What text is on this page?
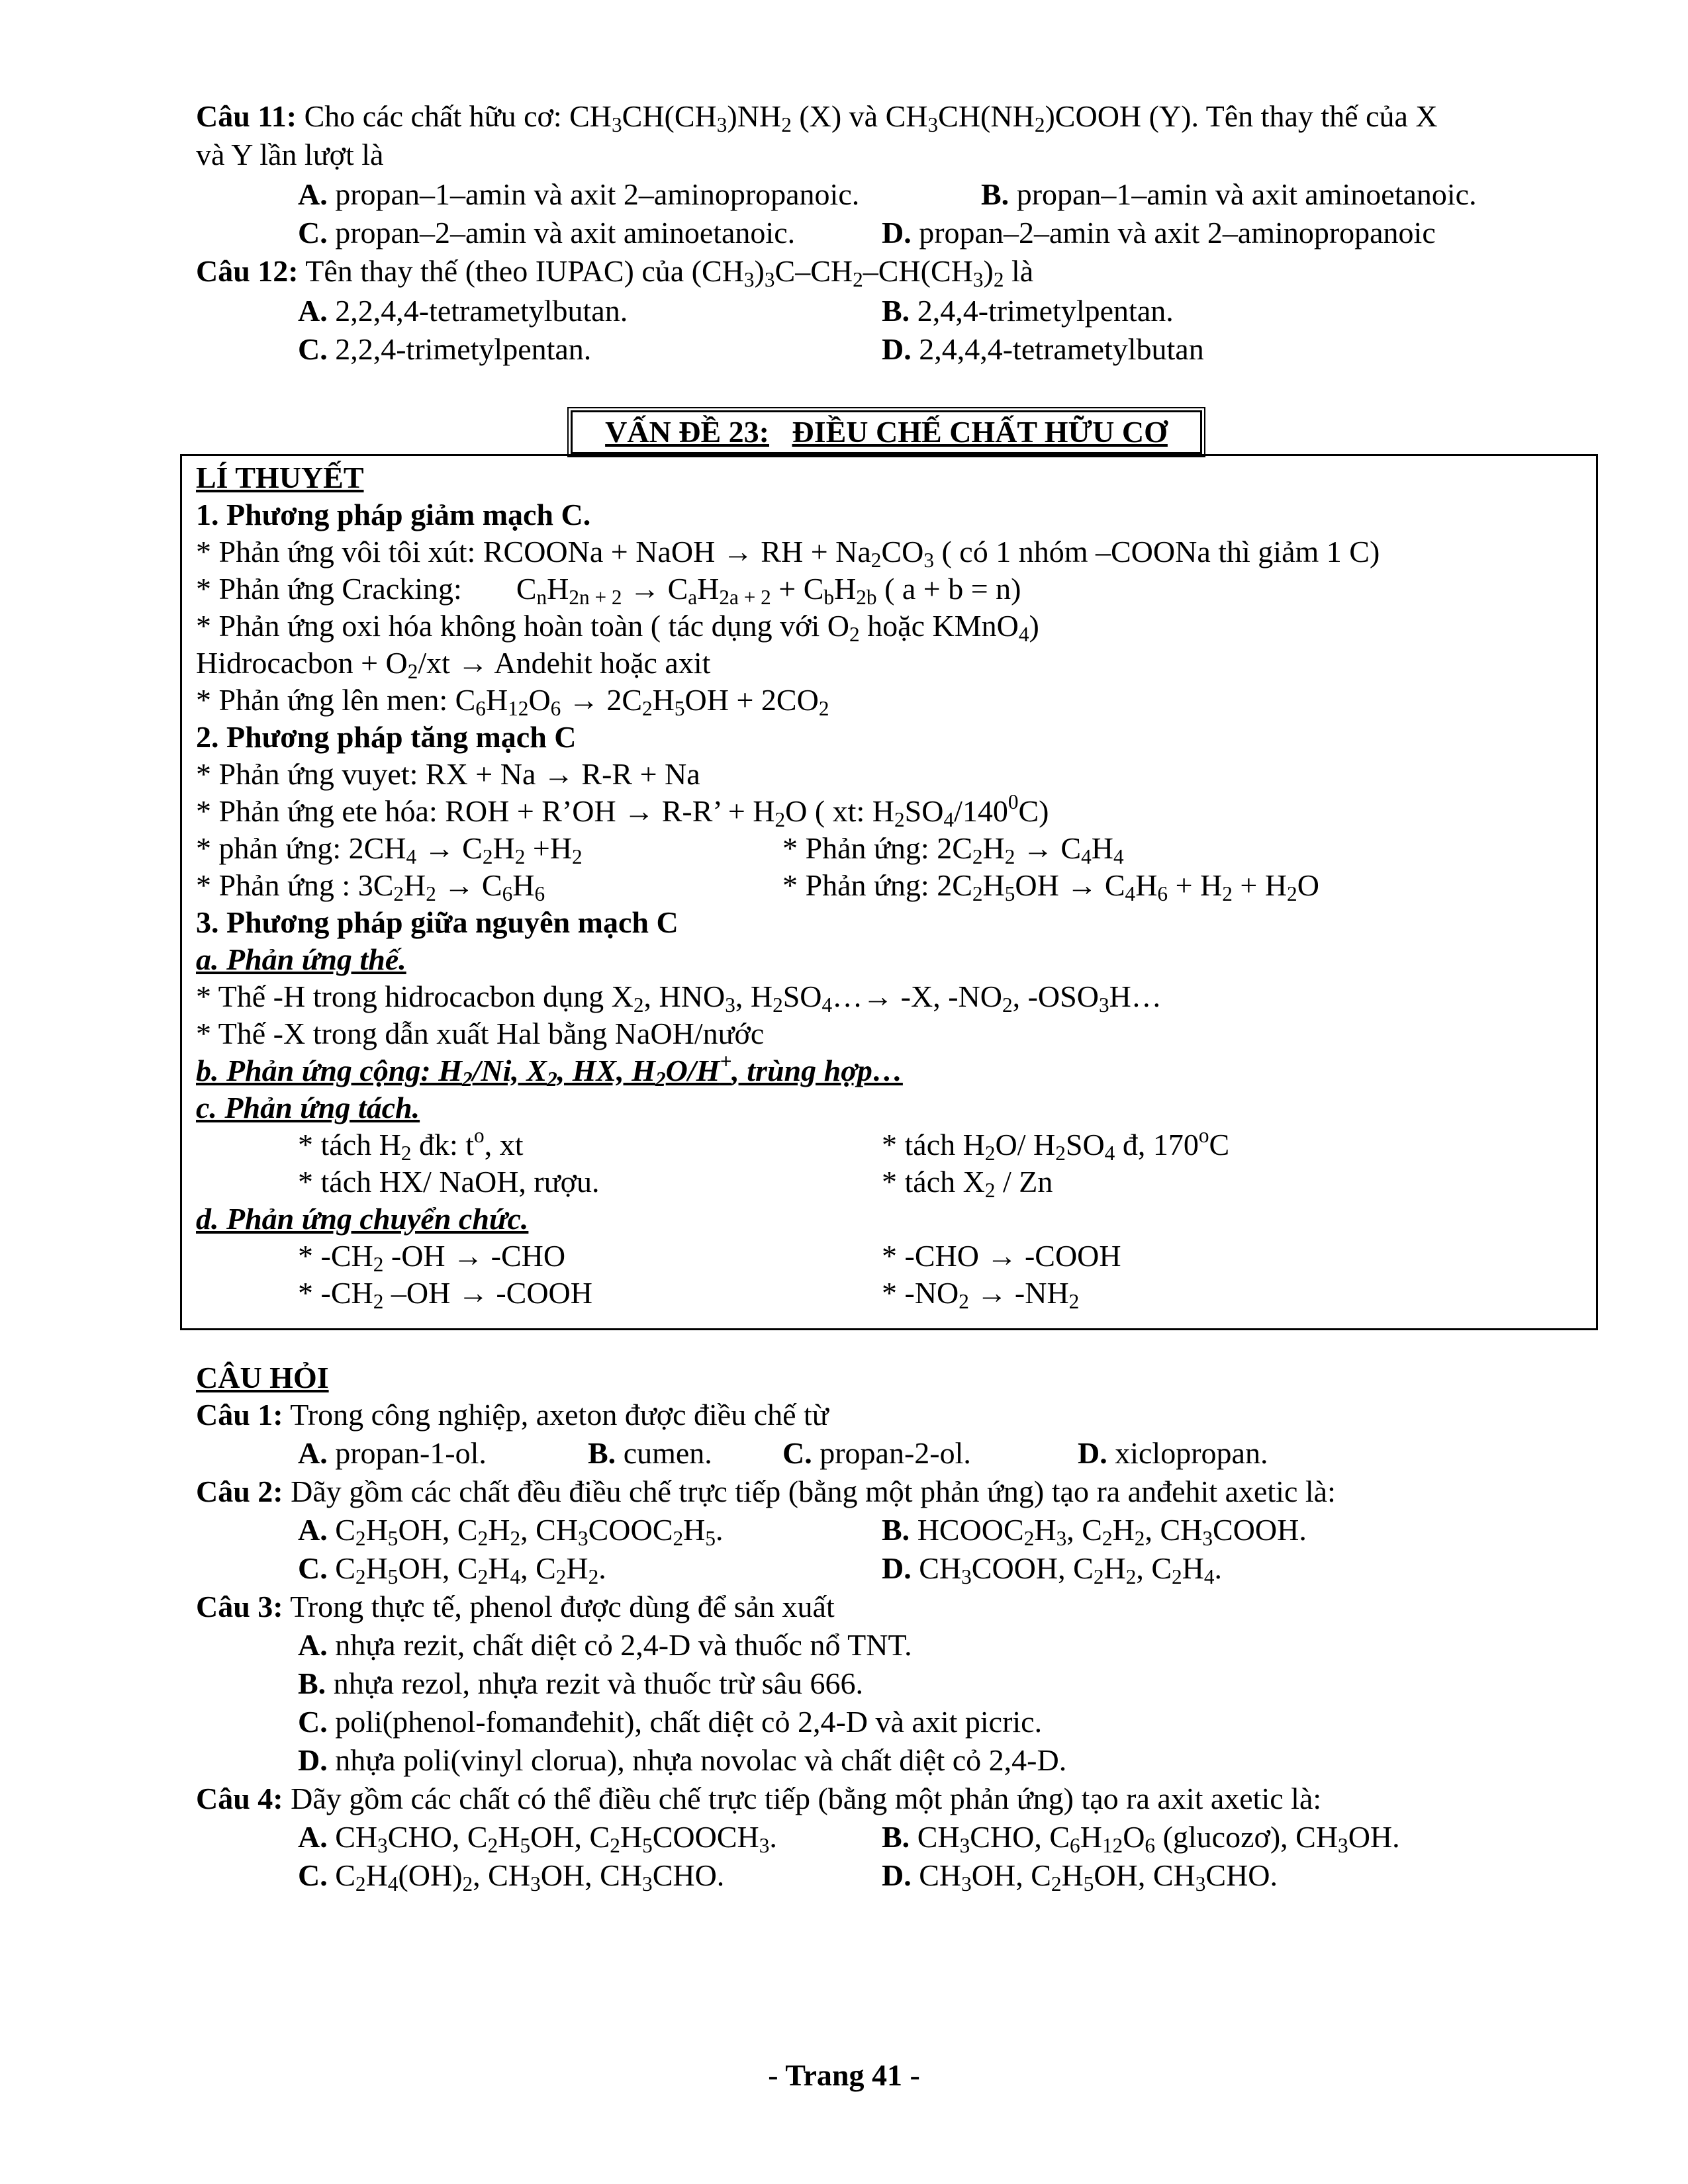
Câu 11: Cho các chất hữu cơ: $CH_3CH(CH_3)NH_2$ (X) và $CH_3CH(NH_2)COOH$ (Y). Tên thay thế của X
và Y lần lượt là
A. propan–1–amin và axit 2–aminopropanoic.	B. propan–1–amin và axit aminoetanoic.
C. propan–2–amin và axit aminoetanoic.	D. propan–2–amin và axit 2–aminopropanoic
Câu 12: Tên thay thế (theo IUPAC) của $(CH_3)_3C-CH_2-CH(CH_3)_2$ là
A. 2,2,4,4-tetrametylbutan.	B. 2,4,4-trimetylpentan.
C. 2,2,4-trimetylpentan.	D. 2,4,4,4-tetrametylbutan
VẤN ĐỀ 23: ĐIỀU CHẾ CHẤT HỮU CƠ
LÍ THUYẾT
1. Phương pháp giảm mạch C.
* Phản ứng vôi tôi xút: RCOONa + NaOH → RH + $Na_2CO_3$ ( có 1 nhóm –COONa thì giảm 1 C)
* Phản ứng Cracking: $C_nH_{2n + 2} \to C_aH_{2a + 2} + C_bH_{2b}$ ( a + b = n)
* Phản ứng oxi hóa không hoàn toàn ( tác dụng với $O_2$ hoặc KMnO$_4$)
Hidrocacbon + $O_2/xt$ → Andehit hoặc axit
* Phản ứng lên men: $C_6H_{12}O_6 \to 2C_2H_5OH + 2CO_2$
2. Phương pháp tăng mạch C
* Phản ứng vuyet: RX + Na → R-R + Na
* Phản ứng ete hóa: ROH + R’OH → R-R’ + $H_2O$ ( xt: $H_2SO_4/140^0C$)
* phản ứng: $2CH_4 \to C_2H_2 +H_2$	* Phản ứng: $2C_2H_2 \to C_4H_4$
* Phản ứng : $3C_2H_2 \to C_6H_6$	* Phản ứng: $2C_2H_5OH \to C_4H_6 + H_2 + H_2O$
3. Phương pháp giữa nguyên mạch C
a. Phản ứng thế.
* Thế -H trong hidrocacbon dụng $X_2$, $HNO_3$, $H_2SO_4\dots\to -X$, $-NO_2$, $-OSO_3H\dots$
* Thế -X trong dẫn xuất Hal bằng NaOH/nước
b. Phản ứng cộng: $H_2/Ni$, $X_2$, HX, $H_2O/H^+$, trùng hợp…
c. Phản ứng tách.
* tách $H_2$ đk: $t^o$, xt	* tách $H_2O/$ $H_2SO_4$ đ, 170$^o$C
* tách HX/ NaOH, rượu.	* tách $X_2$ / Zn
d. Phản ứng chuyển chức.
* $-CH_2$ -OH → -CHO	* -CHO → -COOH
* $-CH_2$ –OH → -COOH	* $-NO_2 \to -NH_2$
CÂU HỎI
Câu 1: Trong công nghiệp, axeton được điều chế từ
A. propan-1-ol.	B. cumen. C. propan-2-ol.	D. xiclopropan.
Câu 2: Dãy gồm các chất đều điều chế trực tiếp (bằng một phản ứng) tạo ra anđehit axetic là:
A. $C_2H_5OH$, $C_2H_2$, $CH_3COOC_2H_5$.	B. $HCOOC_2H_3$, $C_2H_2$, $CH_3COOH$.
C. $C_2H_5OH$, $C_2H_4$, $C_2H_2$.	D. $CH_3COOH$, $C_2H_2$, $C_2H_4$.
Câu 3: Trong thực tế, phenol được dùng để sản xuất
A. nhựa rezit, chất diệt cỏ 2,4-D và thuốc nổ TNT.
B. nhựa rezol, nhựa rezit và thuốc trừ sâu 666.
C. poli(phenol-fomanđehit), chất diệt cỏ 2,4-D và axit picric.
D. nhựa poli(vinyl clorua), nhựa novolac và chất diệt cỏ 2,4-D.
Câu 4: Dãy gồm các chất có thể điều chế trực tiếp (bằng một phản ứng) tạo ra axit axetic là:
A. $CH_3CHO$, $C_2H_5OH$, $C_2H_5COOCH_3$.	B. $CH_3CHO$, $C_6H_{12}O_6$ (glucozơ), $CH_3OH$.
C. $C_2H_4(OH)_2$, $CH_3OH$, $CH_3CHO$.	D. $CH_3OH$, $C_2H_5OH$, $CH_3CHO$.
- Trang 41 -
